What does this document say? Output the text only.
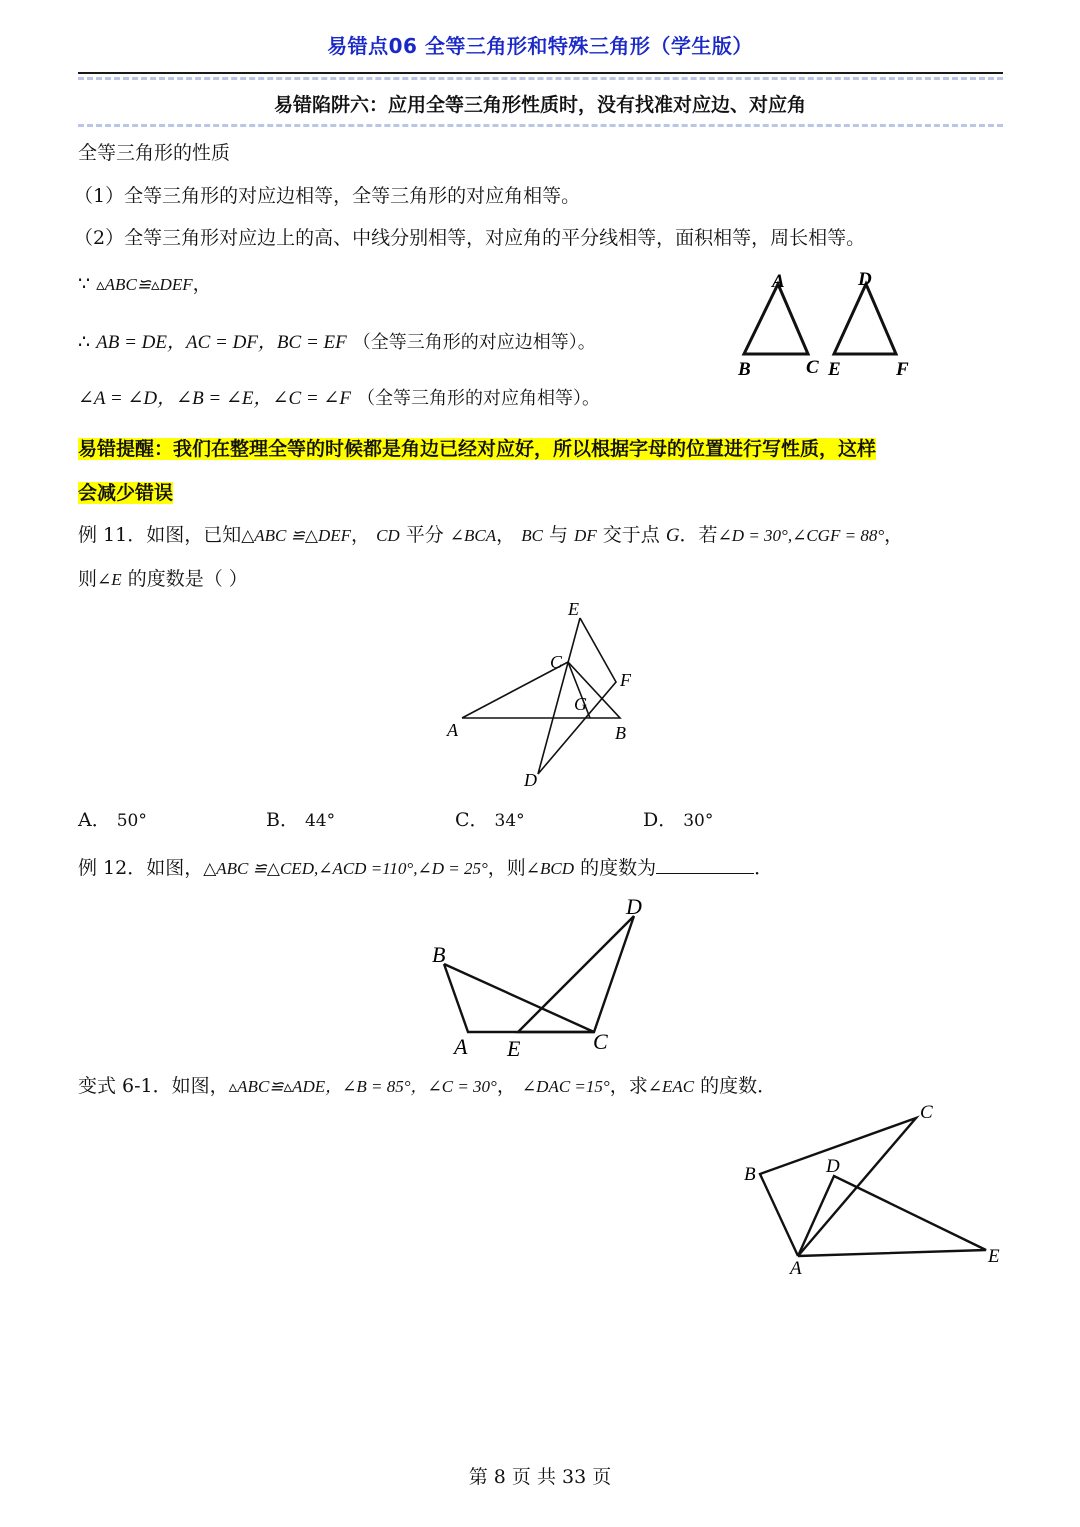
易错点06 全等三角形和特殊三角形（学生版）
易错陷阱六：应用全等三角形性质时，没有找准对应边、对应角
全等三角形的性质
（1）全等三角形的对应边相等，全等三角形的对应角相等。
（2）全等三角形对应边上的高、中线分别相等，对应角的平分线相等，面积相等，周长相等。
∵ ▵ABC≌▵DEF，
∴ AB = DE，AC = DF，BC = EF （全等三角形的对应边相等）。
∠A = ∠D，∠B = ∠E，∠C = ∠F （全等三角形的对应角相等）。
A
B	C
D
E	F
易错提醒：我们在整理全等的时候都是角边已经对应好，所以根据字母的位置进行写性质，这样
会减少错误
例 11．如图，已知△ABC ≌△DEF， CD 平分 ∠BCA， BC 与 DF 交于点 G．若∠D = 30°,∠CGF = 88°，
则∠E 的度数是（ ）
E
C
F
G
A	B
D
A． 50°	B． 44°	C． 34°	D． 30°
例 12．如图，△ABC ≌△CED,∠ACD =110°,∠D = 25°，则∠BCD 的度数为	．
D
B
A E	C
变式 6-1．如图，▵ABC≌▵ADE，∠B = 85°，∠C = 30°， ∠DAC =15°，求∠EAC 的度数．
C
B	D
E
A
第 8 页 共 33 页
